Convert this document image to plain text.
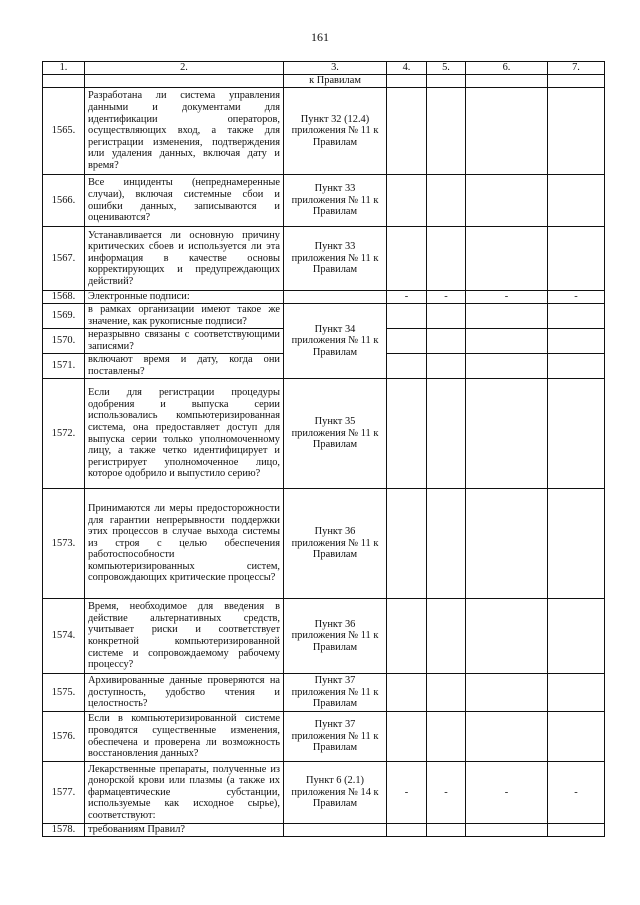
161
1.	2.	3.	4.	5.	6.	7.
		к Правилам				
1565.	Разработана ли система управления данными и документами для идентификации операторов, осуществляющих вход, а также для регистрации изменения, подтверждения или удаления данных, включая дату и время?	Пункт 32 (12.4) приложения № 11 к Правилам				
1566.	Все инциденты (непреднамеренные случаи), включая системные сбои и ошибки данных, записываются и оцениваются?	Пункт 33 приложения № 11 к Правилам				
1567.	Устанавливается ли основную причину критических сбоев и используется ли эта информация в качестве основы корректирующих и предупреждающих действий?	Пункт 33 приложения № 11 к Правилам				
1568.	Электронные подписи:		-	-	-	-
1569.	в рамках организации имеют такое же значение, как рукописные подписи?	Пункт 34 приложения № 11 к Правилам				
1570.	неразрывно связаны с соответствующими записями?					
1571.	включают время и дату, когда они поставлены?					
1572.	Если для регистрации процедуры одобрения и выпуска серии использовались компьютеризированная система, она предоставляет доступ для выпуска серии только уполномоченному лицу, а также четко идентифицирует и регистрирует уполномоченное лицо, которое одобрило и выпустило серию?	Пункт 35 приложения № 11 к Правилам				
1573.	Принимаются ли меры предосторожности для гарантии непрерывности поддержки этих процессов в случае выхода системы из строя с целью обеспечения работоспособности компьютеризированных систем, сопровождающих критические процессы?	Пункт 36 приложения № 11 к Правилам				
1574.	Время, необходимое для введения в действие альтернативных средств, учитывает риски и соответствует конкретной компьютеризированной системе и сопровождаемому рабочему процессу?	Пункт 36 приложения № 11 к Правилам				
1575.	Архивированные данные проверяются на доступность, удобство чтения и целостность?	Пункт 37 приложения № 11 к Правилам				
1576.	Если в компьютеризированной системе проводятся существенные изменения, обеспечена и проверена ли возможность восстановления данных?	Пункт 37 приложения № 11 к Правилам				
1577.	Лекарственные препараты, полученные из донорской крови или плазмы (а также их фармацевтические субстанции, используемые как исходное сырье), соответствуют:	Пункт 6 (2.1) приложения № 14 к Правилам	-	-	-	-
1578.	требованиям Правил?					
